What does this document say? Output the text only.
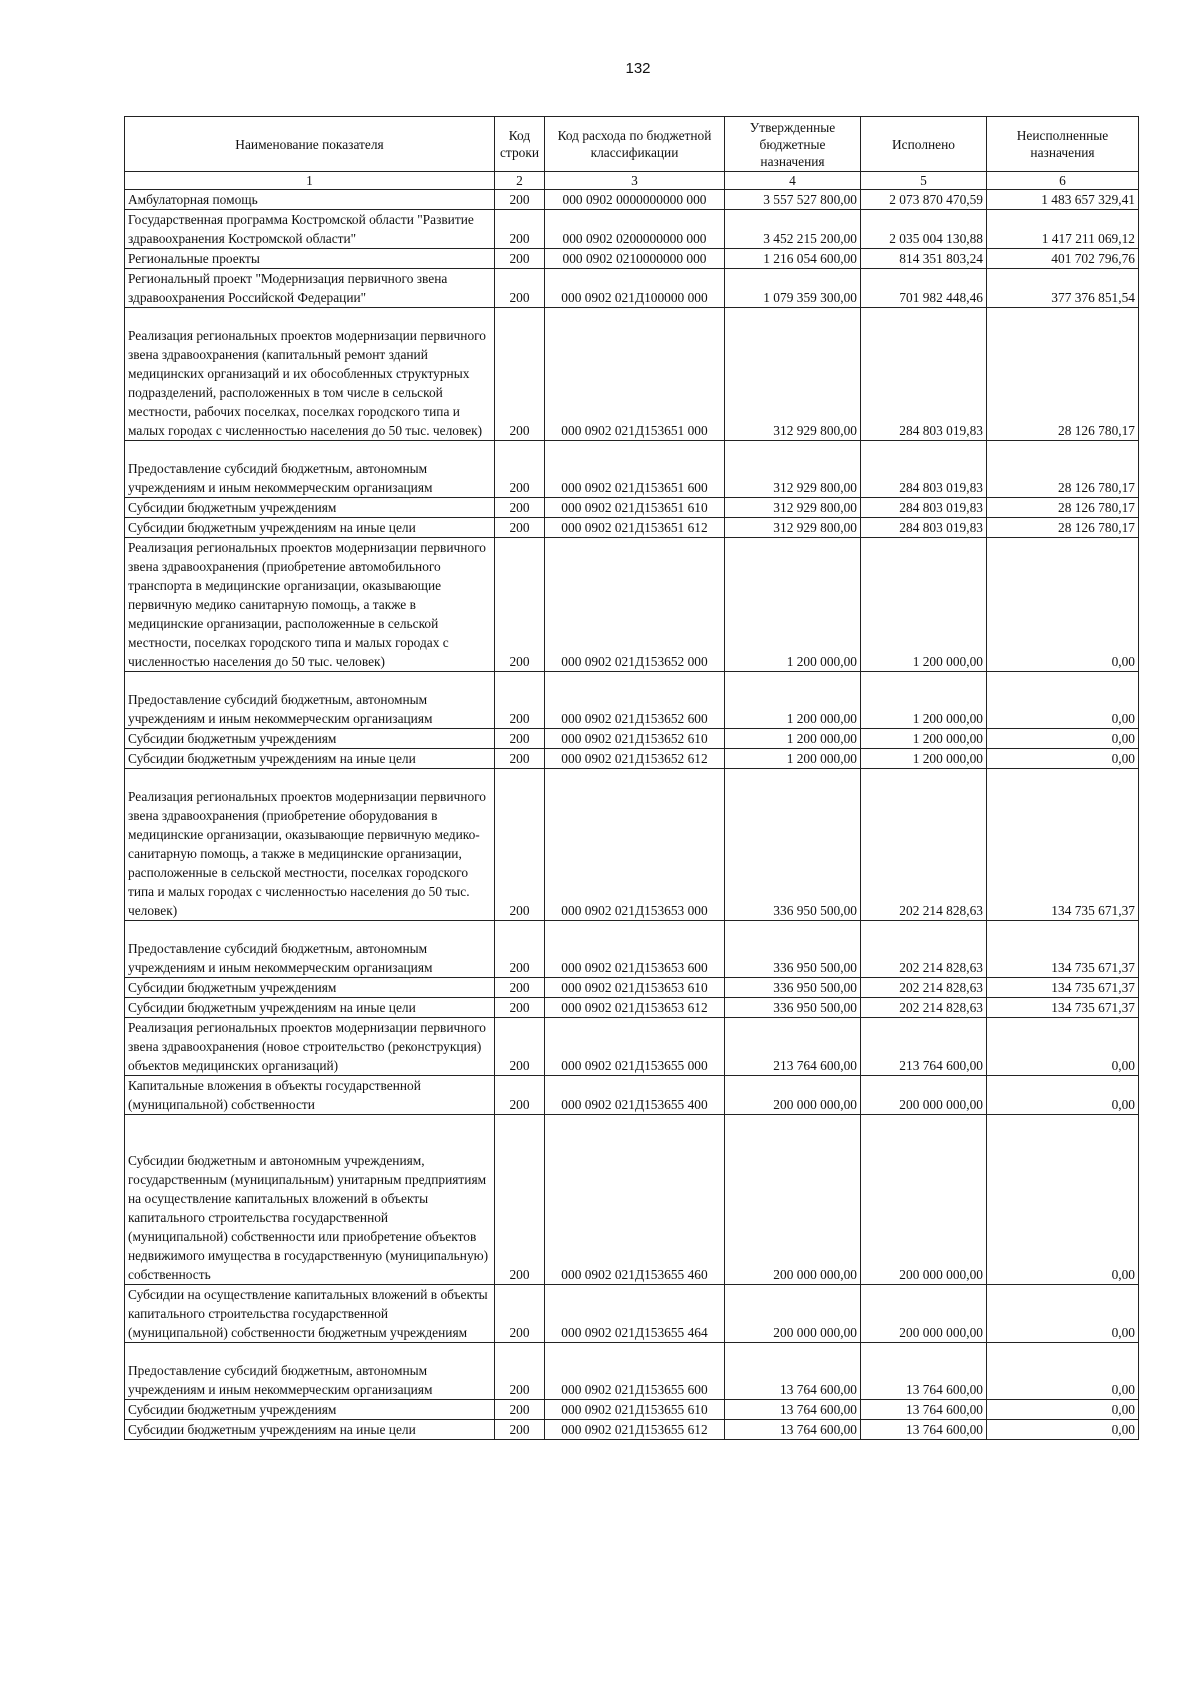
132
Наименование показателя	Код строки	Код расхода по бюджетной классификации	Утвержденные бюджетные назначения	Исполнено	Неисполненные назначения
1	2	3	4	5	6
Амбулаторная помощь	200	000 0902 0000000000 000	3 557 527 800,00	2 073 870 470,59	1 483 657 329,41
Государственная программа Костромской области "Развитие здравоохранения Костромской области"	200	000 0902 0200000000 000	3 452 215 200,00	2 035 004 130,88	1 417 211 069,12
Региональные проекты	200	000 0902 0210000000 000	1 216 054 600,00	814 351 803,24	401 702 796,76
Региональный проект "Модернизация первичного звена здравоохранения Российской Федерации"	200	000 0902 021Д100000 000	1 079 359 300,00	701 982 448,46	377 376 851,54
Реализация региональных проектов модернизации первичного звена здравоохранения (капитальный ремонт зданий медицинских организаций и их обособленных структурных подразделений, расположенных в том числе в сельской местности, рабочих поселках, поселках городского типа и малых городах с численностью населения до 50 тыс. человек)	200	000 0902 021Д153651 000	312 929 800,00	284 803 019,83	28 126 780,17
Предоставление субсидий бюджетным, автономным учреждениям и иным некоммерческим организациям	200	000 0902 021Д153651 600	312 929 800,00	284 803 019,83	28 126 780,17
Субсидии бюджетным учреждениям	200	000 0902 021Д153651 610	312 929 800,00	284 803 019,83	28 126 780,17
Субсидии бюджетным учреждениям на иные цели	200	000 0902 021Д153651 612	312 929 800,00	284 803 019,83	28 126 780,17
Реализация региональных проектов модернизации первичного звена здравоохранения (приобретение автомобильного транспорта в медицинские организации, оказывающие первичную медико санитарную помощь, а также в медицинские организации, расположенные в сельской местности, поселках городского типа и малых городах с численностью населения до 50 тыс. человек)	200	000 0902 021Д153652 000	1 200 000,00	1 200 000,00	0,00
Предоставление субсидий бюджетным, автономным учреждениям и иным некоммерческим организациям	200	000 0902 021Д153652 600	1 200 000,00	1 200 000,00	0,00
Субсидии бюджетным учреждениям	200	000 0902 021Д153652 610	1 200 000,00	1 200 000,00	0,00
Субсидии бюджетным учреждениям на иные цели	200	000 0902 021Д153652 612	1 200 000,00	1 200 000,00	0,00
Реализация региональных проектов модернизации первичного звена здравоохранения (приобретение оборудования в медицинские организации, оказывающие первичную медико-санитарную помощь, а также в медицинские организации, расположенные в сельской местности, поселках городского типа и малых городах с численностью населения до 50 тыс. человек)	200	000 0902 021Д153653 000	336 950 500,00	202 214 828,63	134 735 671,37
Предоставление субсидий бюджетным, автономным учреждениям и иным некоммерческим организациям	200	000 0902 021Д153653 600	336 950 500,00	202 214 828,63	134 735 671,37
Субсидии бюджетным учреждениям	200	000 0902 021Д153653 610	336 950 500,00	202 214 828,63	134 735 671,37
Субсидии бюджетным учреждениям на иные цели	200	000 0902 021Д153653 612	336 950 500,00	202 214 828,63	134 735 671,37
Реализация региональных проектов модернизации первичного звена здравоохранения (новое строительство (реконструкция) объектов медицинских организаций)	200	000 0902 021Д153655 000	213 764 600,00	213 764 600,00	0,00
Капитальные вложения в объекты государственной (муниципальной) собственности	200	000 0902 021Д153655 400	200 000 000,00	200 000 000,00	0,00
Субсидии бюджетным и автономным учреждениям, государственным (муниципальным) унитарным предприятиям на осуществление капитальных вложений в объекты капитального строительства государственной (муниципальной) собственности или приобретение объектов недвижимого имущества в государственную (муниципальную) собственность	200	000 0902 021Д153655 460	200 000 000,00	200 000 000,00	0,00
Субсидии на осуществление капитальных вложений в объекты капитального строительства государственной (муниципальной) собственности бюджетным учреждениям	200	000 0902 021Д153655 464	200 000 000,00	200 000 000,00	0,00
Предоставление субсидий бюджетным, автономным учреждениям и иным некоммерческим организациям	200	000 0902 021Д153655 600	13 764 600,00	13 764 600,00	0,00
Субсидии бюджетным учреждениям	200	000 0902 021Д153655 610	13 764 600,00	13 764 600,00	0,00
Субсидии бюджетным учреждениям на иные цели	200	000 0902 021Д153655 612	13 764 600,00	13 764 600,00	0,00
